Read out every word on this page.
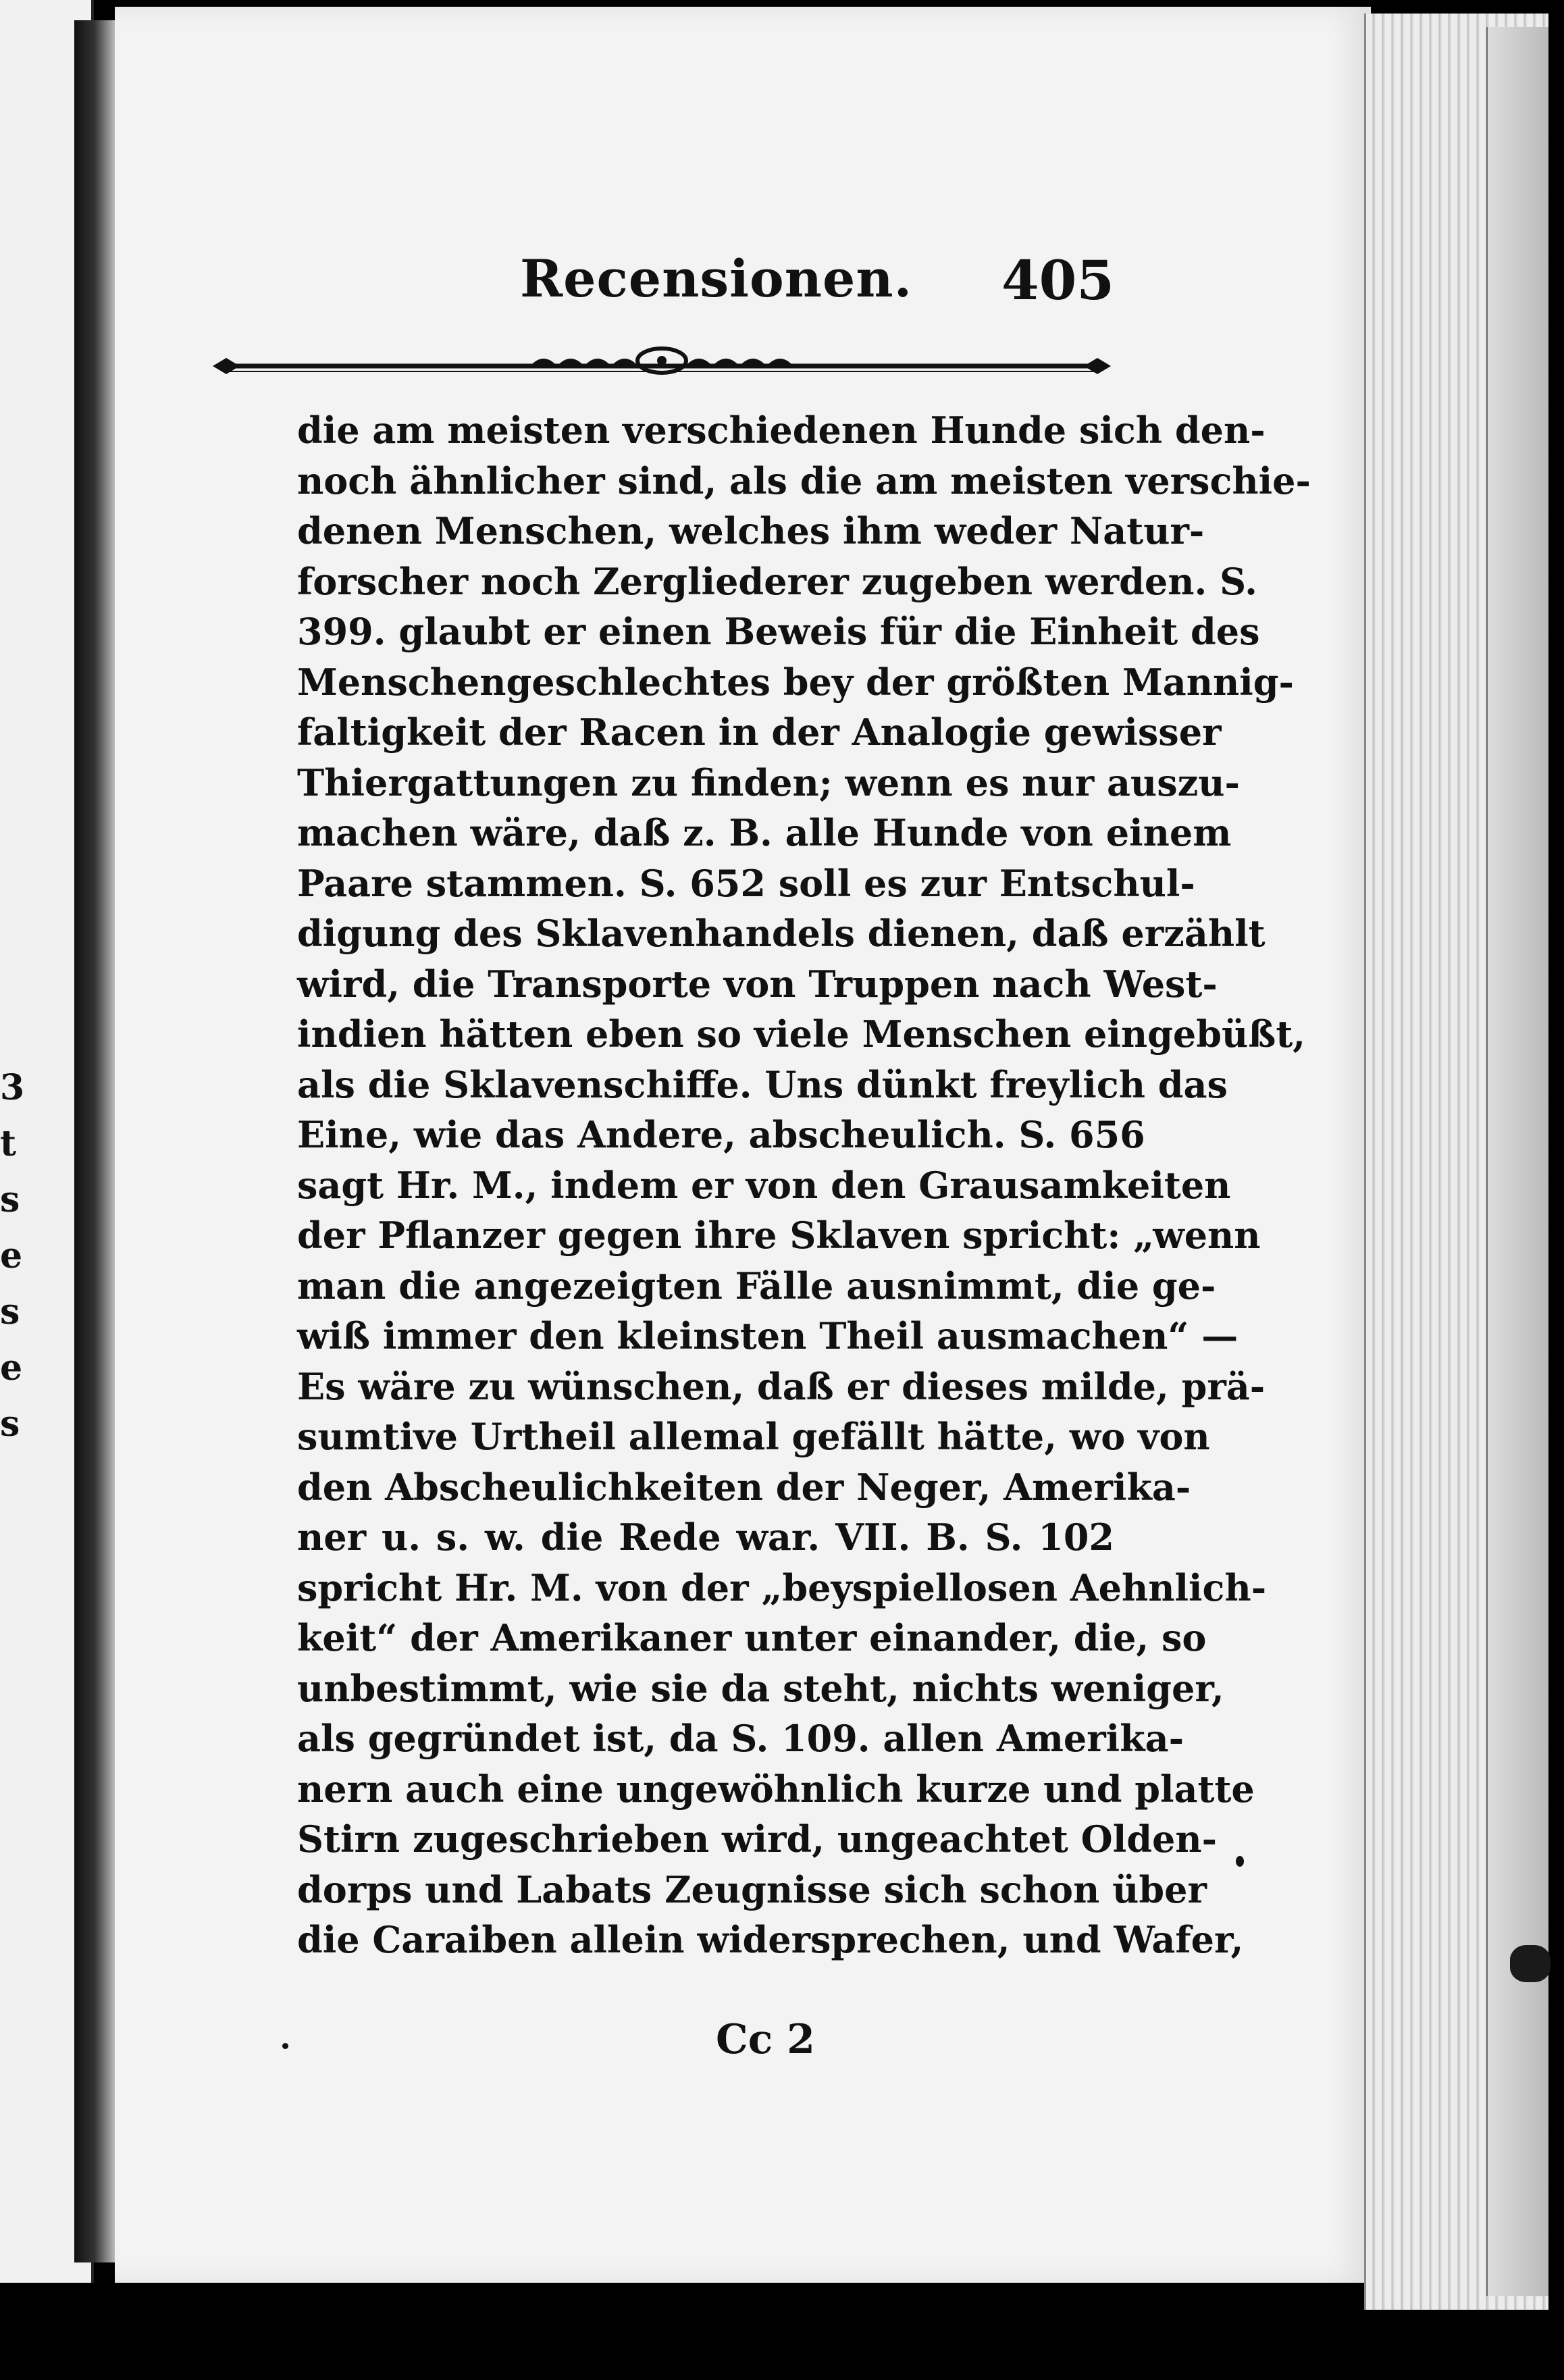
3
t
s
e
s
e
s
Recensionen. 405
die am meisten verschiedenen Hunde sich den-
noch ähnlicher sind, als die am meisten verschie-
denen Menschen, welches ihm weder Natur-
forscher noch Zergliederer zugeben werden. S.
399. glaubt er einen Beweis für die Einheit des
Menschengeschlechtes bey der größten Mannig-
faltigkeit der Racen in der Analogie gewisser
Thiergattungen zu finden; wenn es nur auszu-
machen wäre, daß z. B. alle Hunde von einem
Paare stammen. S. 652 soll es zur Entschul-
digung des Sklavenhandels dienen, daß erzählt
wird, die Transporte von Truppen nach West-
indien hätten eben so viele Menschen eingebüßt,
als die Sklavenschiffe. Uns dünkt freylich das
Eine, wie das Andere, abscheulich. S. 656
sagt Hr. M., indem er von den Grausamkeiten
der Pflanzer gegen ihre Sklaven spricht: „wenn
man die angezeigten Fälle ausnimmt, die ge-
wiß immer den kleinsten Theil ausmachen“ —
Es wäre zu wünschen, daß er dieses milde, prä-
sumtive Urtheil allemal gefällt hätte, wo von
den Abscheulichkeiten der Neger, Amerika-
ner u. s. w. die Rede war. VII. B. S. 102
spricht Hr. M. von der „beyspiellosen Aehnlich-
keit“ der Amerikaner unter einander, die, so
unbestimmt, wie sie da steht, nichts weniger,
als gegründet ist, da S. 109. allen Amerika-
nern auch eine ungewöhnlich kurze und platte
Stirn zugeschrieben wird, ungeachtet Olden-
dorps und Labats Zeugnisse sich schon über
die Caraiben allein widersprechen, und Wafer,
Cc 2
